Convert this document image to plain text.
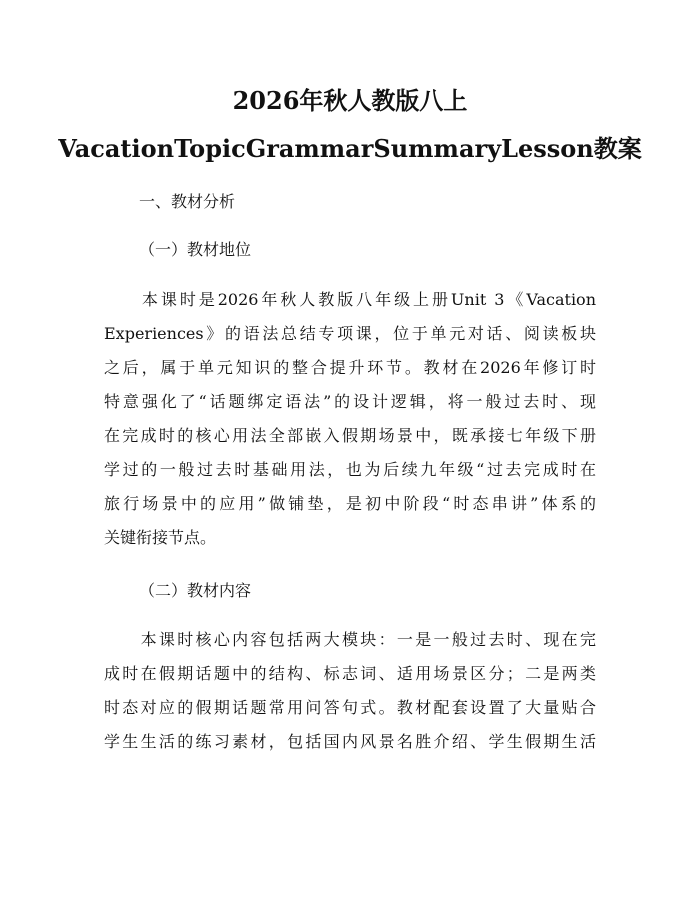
2026年秋人教版八上
VacationTopicGrammarSummaryLesson教案
一、教材分析
（一）教材地位
　　本课时是2026年秋人教版八年级上册Unit 3《Vacation
Experiences》的语法总结专项课，位于单元对话、阅读板块
之后，属于单元知识的整合提升环节。教材在2026年修订时
特意强化了“话题绑定语法”的设计逻辑，将一般过去时、现
在完成时的核心用法全部嵌入假期场景中，既承接七年级下册
学过的一般过去时基础用法，也为后续九年级“过去完成时在
旅行场景中的应用”做铺垫，是初中阶段“时态串讲”体系的
关键衔接节点。
（二）教材内容
　　本课时核心内容包括两大模块：一是一般过去时、现在完
成时在假期话题中的结构、标志词、适用场景区分；二是两类
时态对应的假期话题常用问答句式。教材配套设置了大量贴合
学生生活的练习素材，包括国内风景名胜介绍、学生假期生活
